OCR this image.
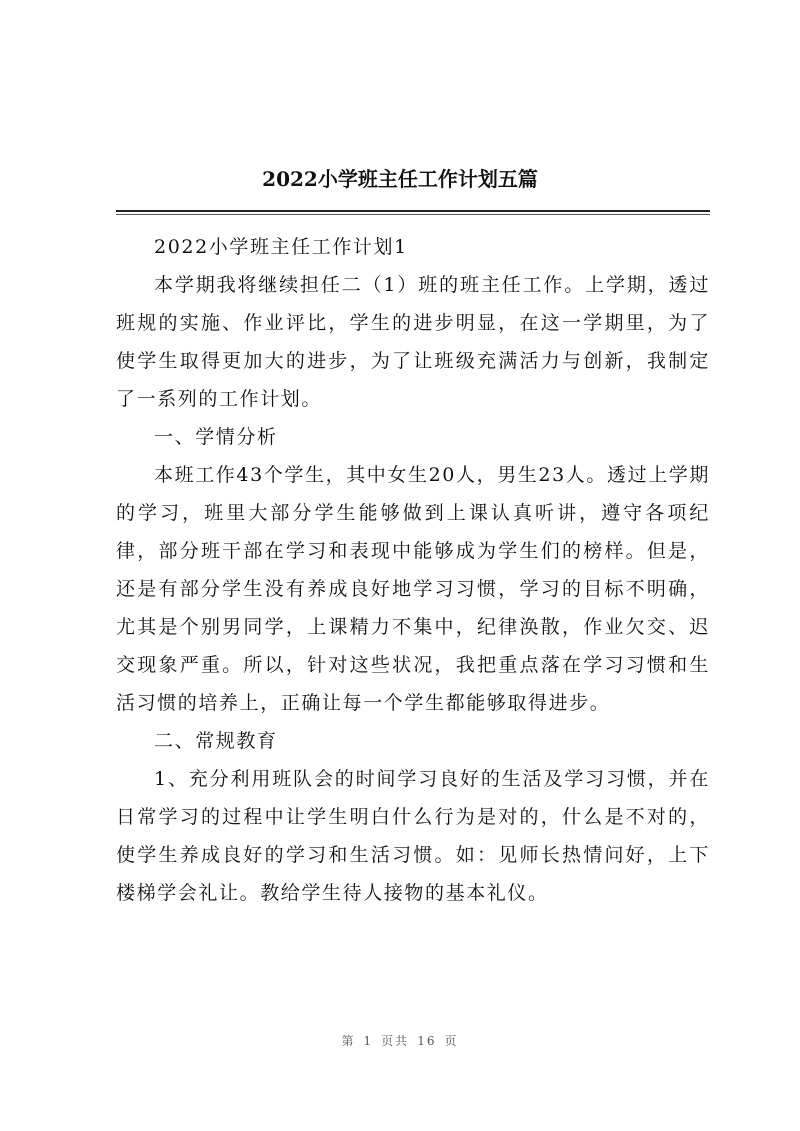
2022小学班主任工作计划五篇

2022小学班主任工作计划1

本学期我将继续担任二（1）班的班主任工作。上学期，透过班规的实施、作业评比，学生的进步明显，在这一学期里，为了使学生取得更加大的进步，为了让班级充满活力与创新，我制定了一系列的工作计划。

一、学情分析

本班工作43个学生，其中女生20人，男生23人。透过上学期的学习，班里大部分学生能够做到上课认真听讲，遵守各项纪律，部分班干部在学习和表现中能够成为学生们的榜样。但是，还是有部分学生没有养成良好地学习习惯，学习的目标不明确，尤其是个别男同学，上课精力不集中，纪律涣散，作业欠交、迟交现象严重。所以，针对这些状况，我把重点落在学习习惯和生活习惯的培养上，正确让每一个学生都能够取得进步。

二、常规教育

1、充分利用班队会的时间学习良好的生活及学习习惯，并在日常学习的过程中让学生明白什么行为是对的，什么是不对的，使学生养成良好的学习和生活习惯。如：见师长热情问好，上下楼梯学会礼让。教给学生待人接物的基本礼仪。

第 1 页共 16 页
